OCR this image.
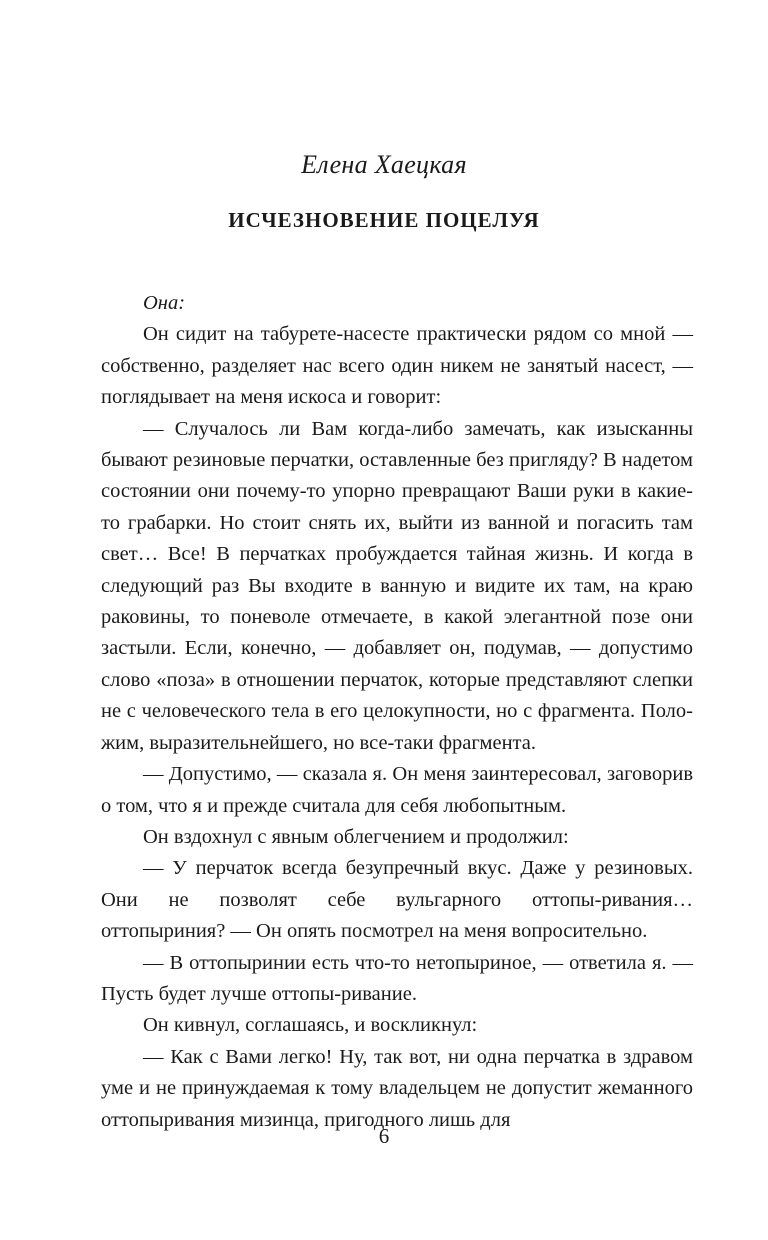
Елена Хаецкая
ИСЧЕЗНОВЕНИЕ ПОЦЕЛУЯ

Она:

Он сидит на табурете-насесте практически рядом со мной — собственно, разделяет нас всего один никем не занятый насест, — поглядывает на меня искоса и говорит:

— Случалось ли Вам когда-либо замечать, как изысканны бывают резиновые перчатки, оставленные без пригляду? В надетом состоянии они почему-то упорно превращают Ваши руки в какие-то грабарки. Но стоит снять их, выйти из ванной и погасить там свет… Все! В перчатках пробуждается тайная жизнь. И когда в следующий раз Вы входите в ванную и видите их там, на краю раковины, то поневоле отмечаете, в какой элегантной позе они застыли. Если, конечно, — добавляет он, подумав, — допустимо слово «поза» в отношении перчаток, которые представляют слепки не с человеческого тела в его целокупности, но с фрагмента. Положим, выразительнейшего, но все-таки фрагмента.

— Допустимо, — сказала я. Он меня заинтересовал, заговорив о том, что я и прежде считала для себя любопытным.

Он вздохнул с явным облегчением и продолжил:

— У перчаток всегда безупречный вкус. Даже у резиновых. Они не позволят себе вульгарного оттопы-ривания… оттопыриния? — Он опять посмотрел на меня вопросительно.

— В оттопыринии есть что-то нетопыриное, — ответила я. — Пусть будет лучше оттопы-ривание.

Он кивнул, соглашаясь, и воскликнул:

— Как с Вами легко! Ну, так вот, ни одна перчатка в здравом уме и не принуждаемая к тому владельцем не допустит жеманного оттопыривания мизинца, пригодного лишь для

6
